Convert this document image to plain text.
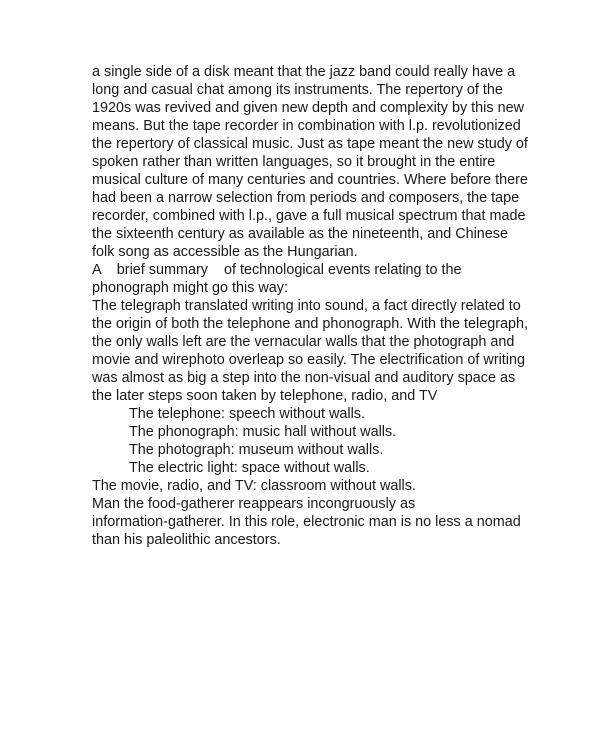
a single side of a disk meant that the jazz band could really have a
long and casual chat among its instruments. The repertory of the
1920s was revived and given new depth and complexity by this new
means. But the tape recorder in combination with l.p. revolutionized
the repertory of classical music. Just as tape meant the new study of
spoken rather than written languages, so it brought in the entire
musical culture of many centuries and countries. Where before there
had been a narrow selection from periods and composers, the tape
recorder, combined with l.p., gave a full musical spectrum that made
the sixteenth century as available as the nineteenth, and Chinese
folk song as accessible as the Hungarian.
A    brief summary    of technological events relating to the
phonograph might go this way:
The telegraph translated writing into sound, a fact directly related to
the origin of both the telephone and phonograph. With the telegraph,
the only walls left are the vernacular walls that the photograph and
movie and wirephoto overleap so easily. The electrification of writing
was almost as big a step into the non-visual and auditory space as
the later steps soon taken by telephone, radio, and TV
The telephone: speech without walls.
The phonograph: music hall without walls.
The photograph: museum without walls.
The electric light: space without walls.
The movie, radio, and TV: classroom without walls.
Man the food-gatherer reappears incongruously as
information-gatherer. In this role, electronic man is no less a nomad
than his paleolithic ancestors.
